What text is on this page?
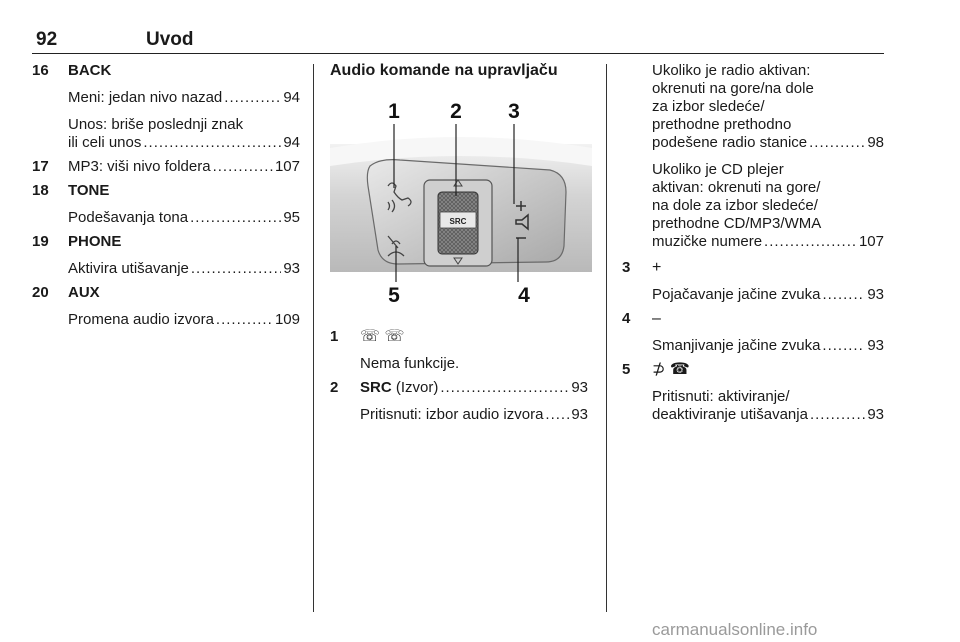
92	Uvod
16 BACK
Meni: jedan nivo nazad .....	94
Unos: briše poslednji znak
ili celi unos .....	94
17 MP3: viši nivo foldera .....	107
18 TONE
Podešavanja tona .....	95
19 PHONE
Aktivira utišavanje .....	93
20 AUX
Promena audio izvora .....	109
Audio komande na upravljaču
SRC
1 2 3
4
5
1 ☏ ☏
Nema funkcije.
2 SRC (Izvor) .....	93
Pritisnuti: izbor audio izvora ..... 93
Ukoliko je radio aktivan:
okrenuti na gore/na dole
za izbor sledeće/
prethodne prethodno
podešene radio stanice .....	98
Ukoliko je CD plejer
aktivan: okrenuti na gore/
na dole za izbor sledeće/
prethodne CD/MP3/WMA
muzičke numere .....	107
3 +
Pojačavanje jačine zvuka .....	93
4 –
Smanjivanje jačine zvuka .....	93
5 ⊅ ☎
Pritisnuti: aktiviranje/
deaktiviranje utišavanja .....	93
carmanualsonline.info
